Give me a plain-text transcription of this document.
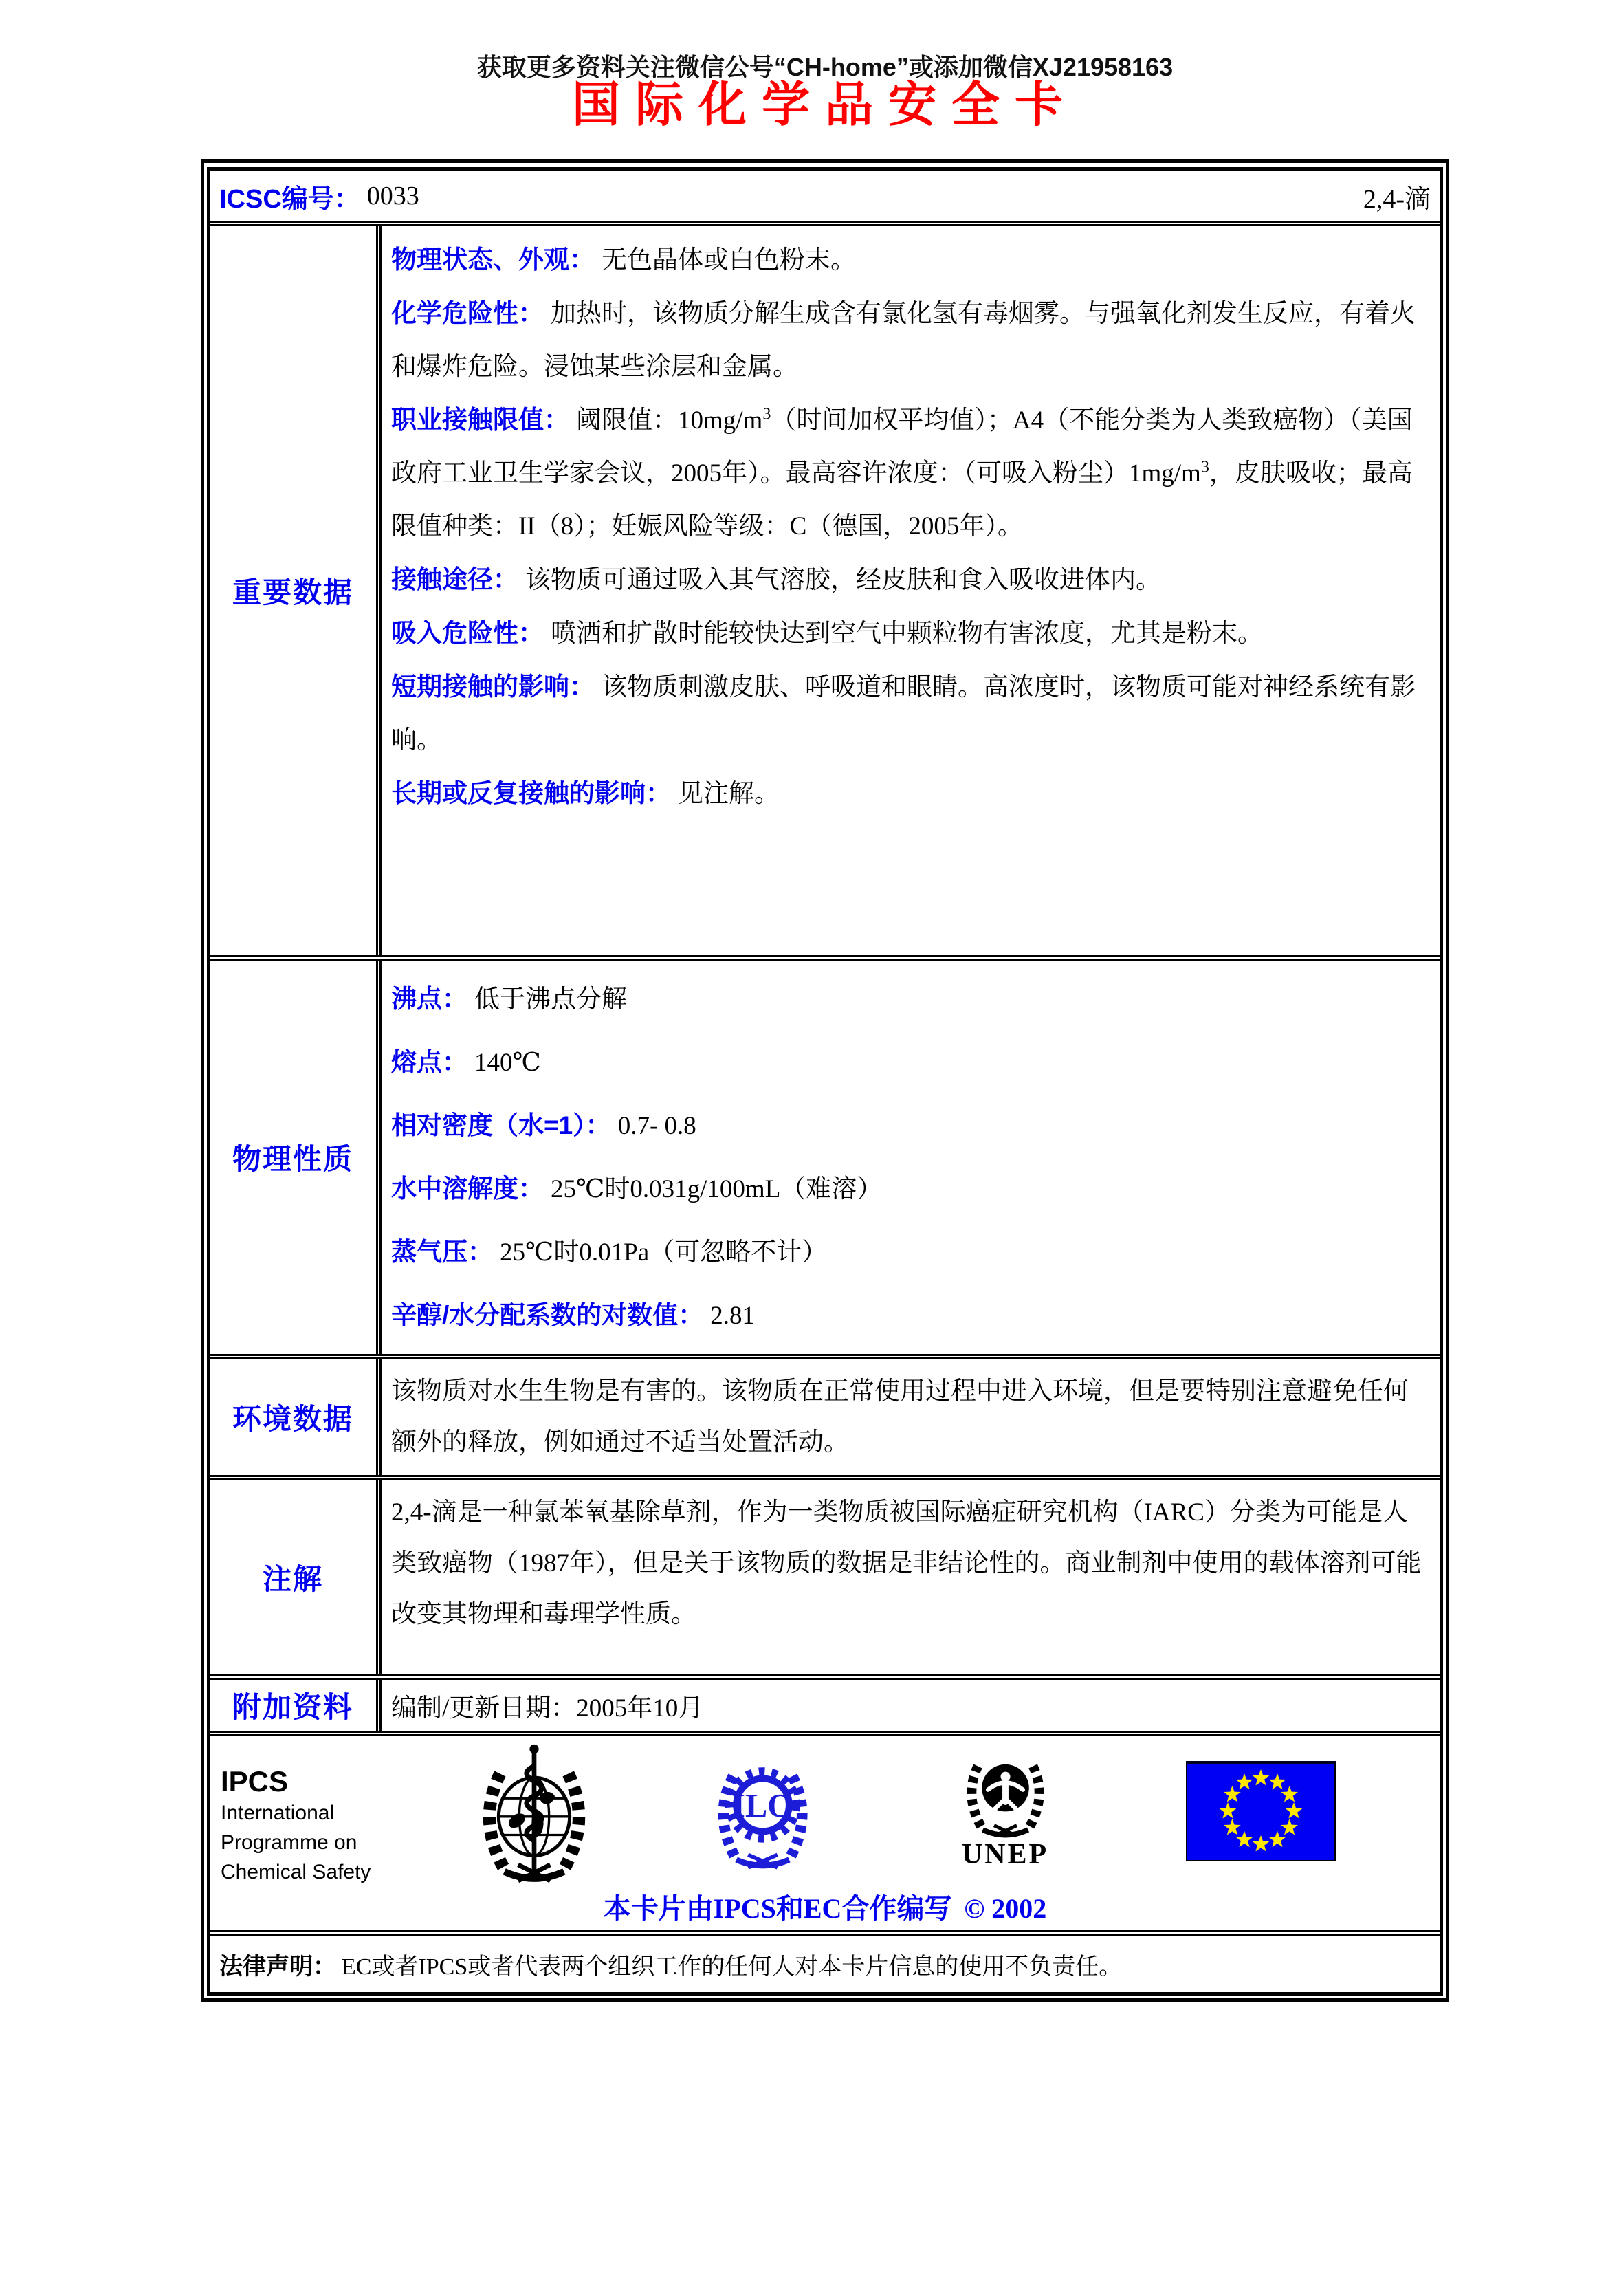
获取更多资料关注微信公号“CH-home”或添加微信XJ21958163
国际化学品安全卡
ICSC编号： 0033	2,4-滴
重要数据

物理状态、外观： 无色晶体或白色粉末。

化学危险性： 加热时，该物质分解生成含有氯化氢有毒烟雾。与强氧化剂发生反应，有着火和爆炸危险。浸蚀某些涂层和金属。

职业接触限值： 阈限值：$10mg/m^3$（时间加权平均值）；A4（不能分类为人类致癌物）（美国政府工业卫生学家会议，2005年）。最高容许浓度：（可吸入粉尘）$1mg/m^3$，皮肤吸收；最高限值种类：II（8）；妊娠风险等级：C（德国，2005年）。

接触途径： 该物质可通过吸入其气溶胶，经皮肤和食入吸收进体内。

吸入危险性： 喷洒和扩散时能较快达到空气中颗粒物有害浓度，尤其是粉末。

短期接触的影响： 该物质刺激皮肤、呼吸道和眼睛。高浓度时，该物质可能对神经系统有影响。

长期或反复接触的影响： 见注解。

物理性质

沸点： 低于沸点分解

熔点： 140℃

相对密度（水=1）： 0.7- 0.8

水中溶解度： 25℃时0.031g/100mL（难溶）

蒸气压： 25℃时0.01Pa（可忽略不计）

辛醇/水分配系数的对数值： 2.81

环境数据

该物质对水生生物是有害的。该物质在正常使用过程中进入环境，但是要特别注意避免任何额外的释放，例如通过不适当处置活动。

注解

2,4-滴是一种氯苯氧基除草剂，作为一类物质被国际癌症研究机构（IARC）分类为可能是人类致癌物（1987年），但是关于该物质的数据是非结论性的。商业制剂中使用的载体溶剂可能改变其物理和毒理学性质。

附加资料 编制/更新日期：2005年10月

IPCS
International
Programme on
Chemical Safety
ILO
UNEP
本卡片由IPCS和EC合作编写 © 2002
法律声明： EC或者IPCS或者代表两个组织工作的任何人对本卡片信息的使用不负责任。
